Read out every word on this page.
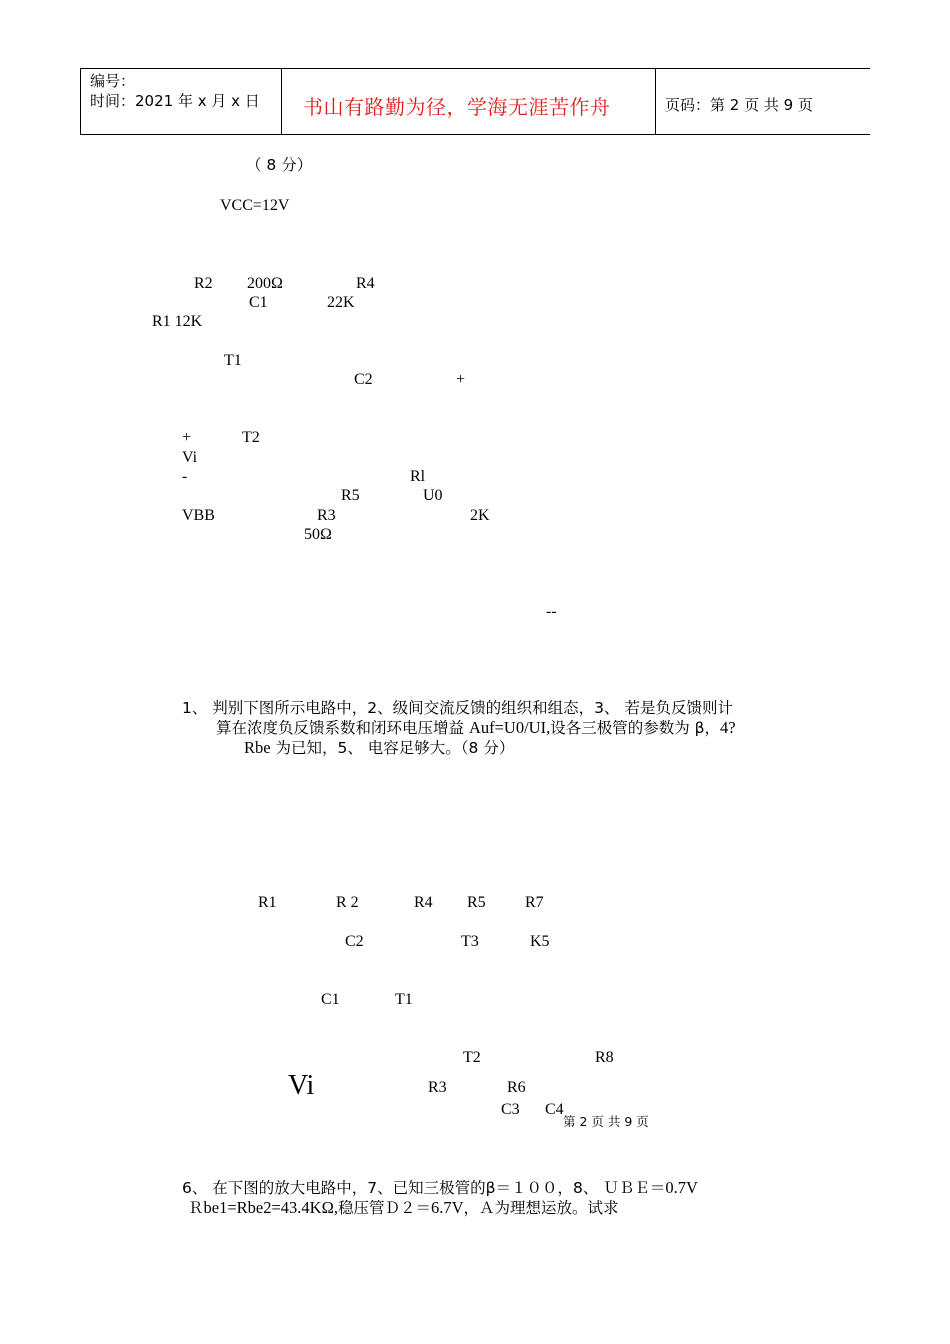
编号：
时间：2021 年 x 月 x 日 书山有路勤为径，学海无涯苦作舟	页码：第 2 页 共 9 页
（ 8 分）
VCC=12V
R2 200Ω	R4
C1	22K
R1 12K
T1
C2	+
+	T2
Vi
-	Rl
R5	U0
VBB	R3	2K
50Ω
--
1、 判别下图所示电路中，2、级间交流反馈的组织和组态，3、 若是负反馈则计
算在浓度负反馈系数和闭环电压增益 Auf=U0/UI,设各三极管的参数为 β，4?
Rbe 为已知，5、 电容足够大。（8 分）
R1	R 2	R4 R5 R7
C2	T3	K5
C1	T1
T2	R8
Vi	R3	R6
C3 C4
第 2 页 共 9 页
6、 在下图的放大电路中，7、已知三极管的β＝１００，8、 ＵＢＥ＝0.7V
Ｒbe1=Rbe2=43.4KΩ,稳压管Ｄ２＝6.7V，Ａ为理想运放。试求
